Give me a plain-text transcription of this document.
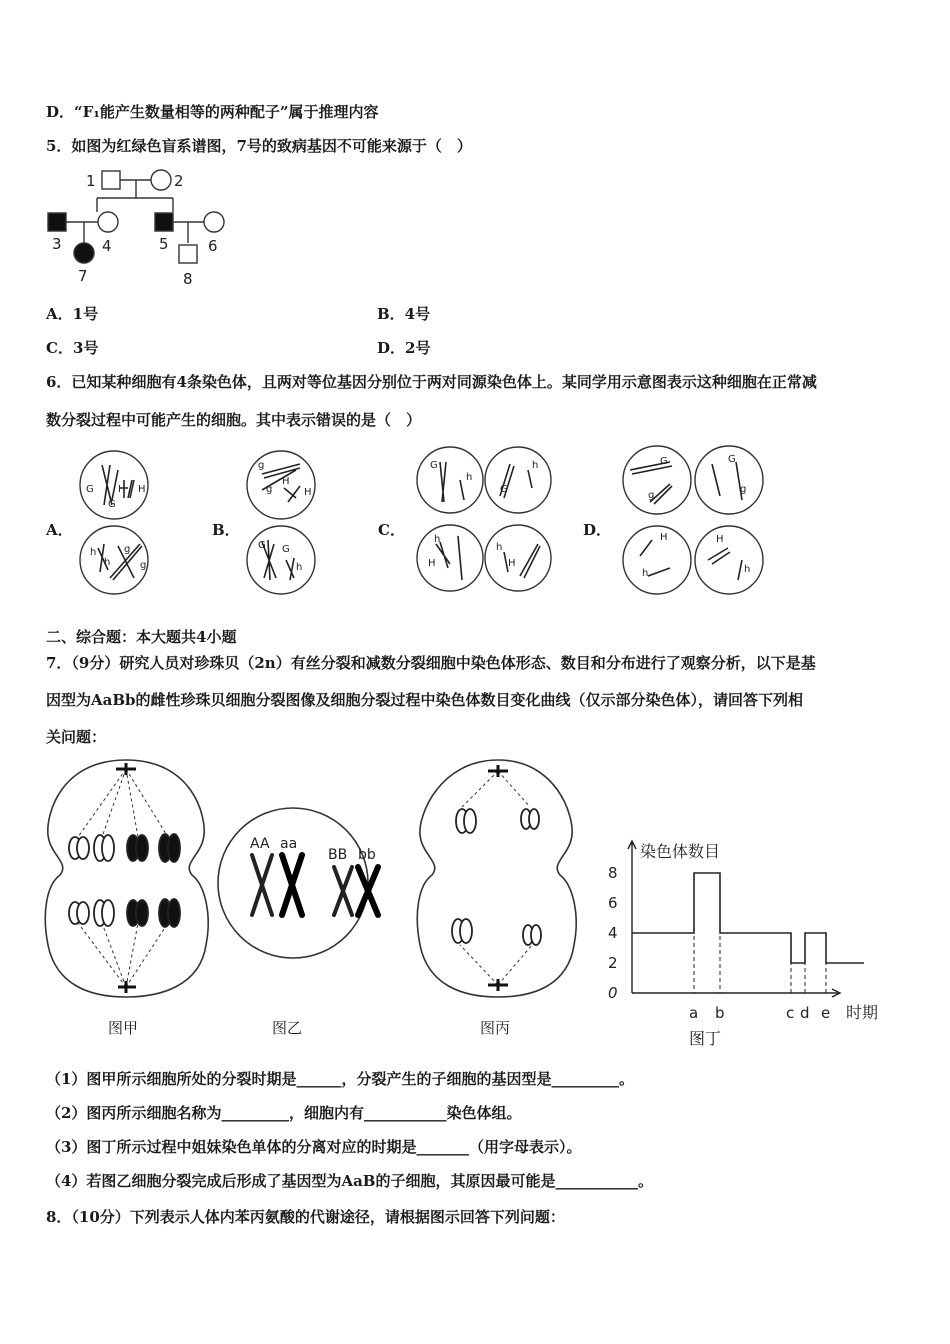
D．“F₁能产生数量相等的两种配子”属于推理内容
5．如图为红绿色盲系谱图，7号的致病基因不可能来源于（　）
1	2
3	4	5	6
7	8
A．1号	B．4号
C．3号	D．2号
6．已知某种细胞有4条染色体，且两对等位基因分别位于两对同源染色体上。某同学用示意图表示这种细胞在正常减
数分裂过程中可能产生的细胞。其中表示错误的是（　）
A．	B．	C．	D．
G
G
H H
h
h
g
g
g
g
H
H
G G
h
G
h
G
h
h
H
h
H
G
g
G
g
H
h
H
h
二、综合题：本大题共4小题
7．（9分）研究人员对珍珠贝（2n）有丝分裂和减数分裂细胞中染色体形态、数目和分布进行了观察分析，以下是基
因型为AaBb的雌性珍珠贝细胞分裂图像及细胞分裂过程中染色体数目变化曲线（仅示部分染色体），请回答下列相
关问题：
AA aa
BB bb
图甲	图乙	图丙
染色体数目
时期
8
6
4
2
0
a b	c d e
图丁
（1）图甲所示细胞所处的分裂时期是______，分裂产生的子细胞的基因型是_________。
（2）图丙所示细胞名称为_________，细胞内有___________染色体组。
（3）图丁所示过程中姐妹染色单体的分离对应的时期是_______（用字母表示）。
（4）若图乙细胞分裂完成后形成了基因型为AaB的子细胞，其原因最可能是___________。
8．（10分）下列表示人体内苯丙氨酸的代谢途径，请根据图示回答下列问题：
